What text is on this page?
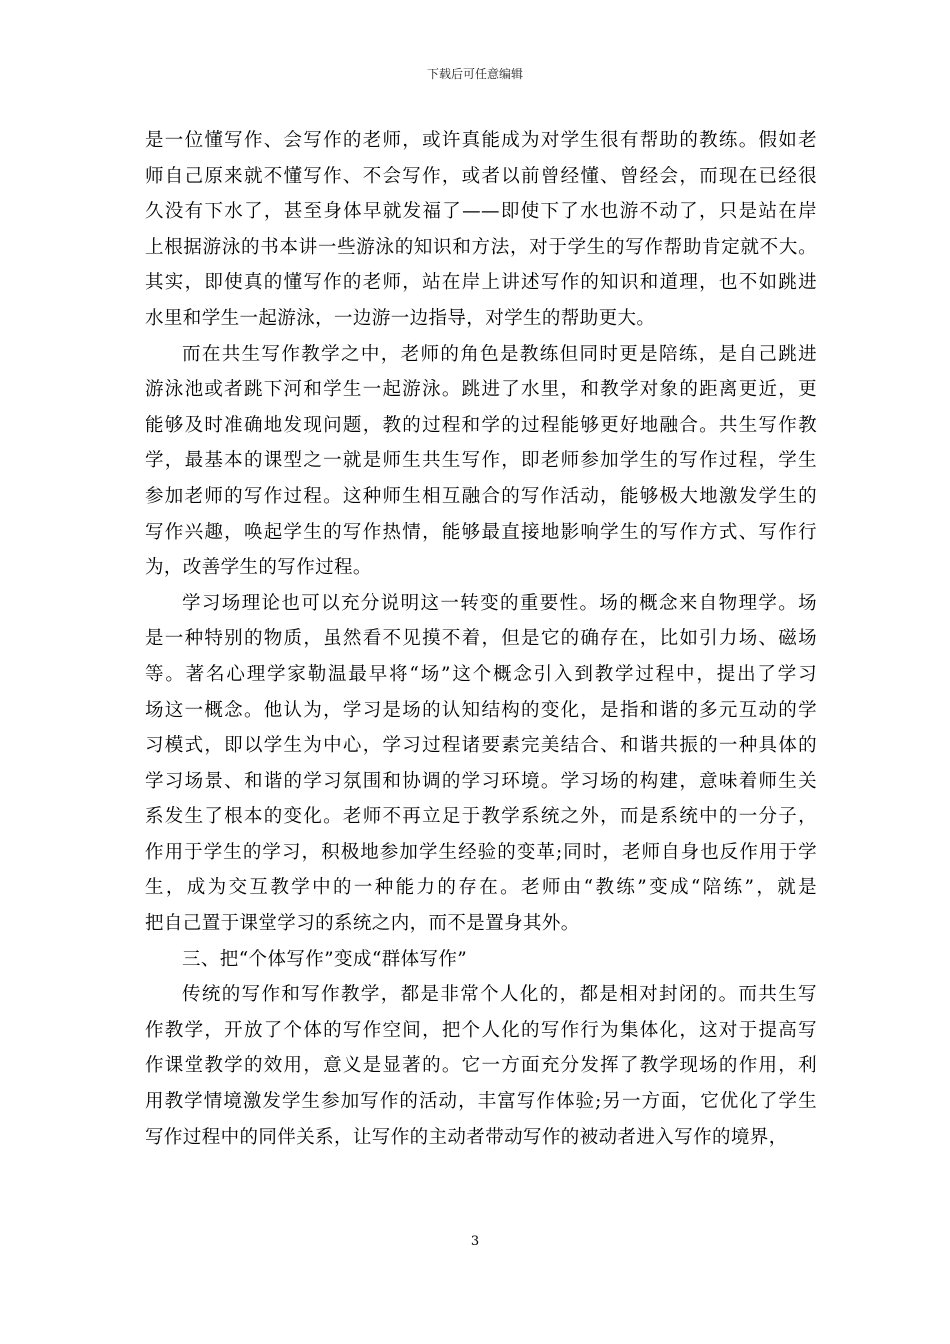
下载后可任意编辑
是一位懂写作、会写作的老师，或许真能成为对学生很有帮助的教练。假如老
师自己原来就不懂写作、不会写作，或者以前曾经懂、曾经会，而现在已经很
久没有下水了，甚至身体早就发福了——即使下了水也游不动了，只是站在岸
上根据游泳的书本讲一些游泳的知识和方法，对于学生的写作帮助肯定就不大。
其实，即使真的懂写作的老师，站在岸上讲述写作的知识和道理，也不如跳进
水里和学生一起游泳，一边游一边指导，对学生的帮助更大。
而在共生写作教学之中，老师的角色是教练但同时更是陪练，是自己跳进
游泳池或者跳下河和学生一起游泳。跳进了水里，和教学对象的距离更近，更
能够及时准确地发现问题，教的过程和学的过程能够更好地融合。共生写作教
学，最基本的课型之一就是师生共生写作，即老师参加学生的写作过程，学生
参加老师的写作过程。这种师生相互融合的写作活动，能够极大地激发学生的
写作兴趣，唤起学生的写作热情，能够最直接地影响学生的写作方式、写作行
为，改善学生的写作过程。
学习场理论也可以充分说明这一转变的重要性。场的概念来自物理学。场
是一种特别的物质，虽然看不见摸不着，但是它的确存在，比如引力场、磁场
等。著名心理学家勒温最早将“场”这个概念引入到教学过程中，提出了学习
场这一概念。他认为，学习是场的认知结构的变化，是指和谐的多元互动的学
习模式，即以学生为中心，学习过程诸要素完美结合、和谐共振的一种具体的
学习场景、和谐的学习氛围和协调的学习环境。学习场的构建，意味着师生关
系发生了根本的变化。老师不再立足于教学系统之外，而是系统中的一分子，
作用于学生的学习，积极地参加学生经验的变革;同时，老师自身也反作用于学
生，成为交互教学中的一种能力的存在。老师由“教练”变成“陪练”，就是
把自己置于课堂学习的系统之内，而不是置身其外。
三、把“个体写作”变成“群体写作”
传统的写作和写作教学，都是非常个人化的，都是相对封闭的。而共生写
作教学，开放了个体的写作空间，把个人化的写作行为集体化，这对于提高写
作课堂教学的效用，意义是显著的。它一方面充分发挥了教学现场的作用，利
用教学情境激发学生参加写作的活动，丰富写作体验;另一方面，它优化了学生
写作过程中的同伴关系，让写作的主动者带动写作的被动者进入写作的境界，
3
